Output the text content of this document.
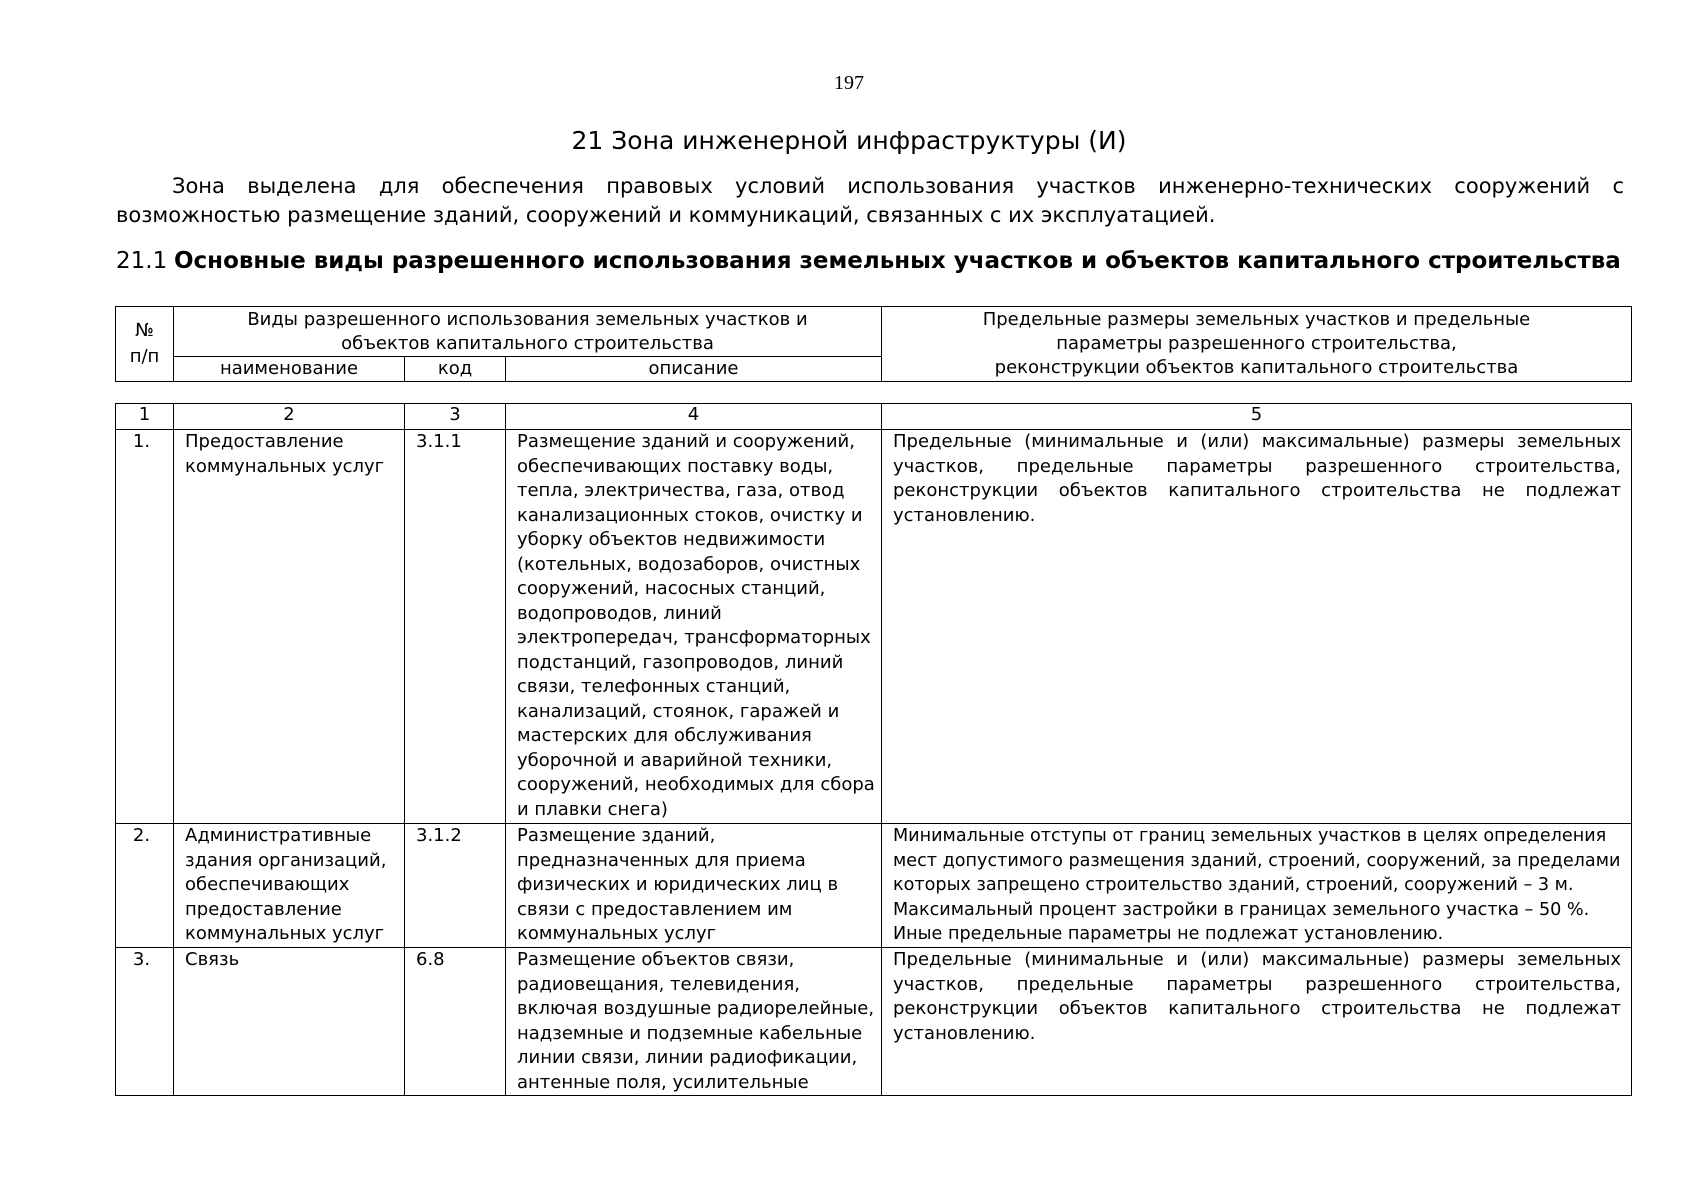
197
21 Зона инженерной инфраструктуры (И)

Зона выделена для обеспечения правовых условий использования участков инженерно-технических сооружений с возможностью размещение зданий, сооружений и коммуникаций, связанных с их эксплуатацией.

21.1 Основные виды разрешенного использования земельных участков и объектов капитального строительства
№ п/п	Виды разрешенного использования земельных участков и объектов капитального строительства			Предельные размеры земельных участков и предельные параметры разрешенного строительства, реконструкции объектов капитального строительства
	наименование	код	описание	
1	2	3	4	5
1.	Предоставление коммунальных услуг	3.1.1	Размещение зданий и сооружений, обеспечивающих поставку воды, тепла, электричества, газа, отвод канализационных стоков, очистку и уборку объектов недвижимости (котельных, водозаборов, очистных сооружений, насосных станций, водопроводов, линий электропередач, трансформаторных подстанций, газопроводов, линий связи, телефонных станций, канализаций, стоянок, гаражей и мастерских для обслуживания уборочной и аварийной техники, сооружений, необходимых для сбора и плавки снега)	Предельные (минимальные и (или) максимальные) размеры земельных участков, предельные параметры разрешенного строительства, реконструкции объектов капитального строительства не подлежат установлению.
2.	Административные здания организаций, обеспечивающих предоставление коммунальных услуг	3.1.2	Размещение зданий, предназначенных для приема физических и юридических лиц в связи с предоставлением им коммунальных услуг	Минимальные отступы от границ земельных участков в целях определения мест допустимого размещения зданий, строений, сооружений, за пределами которых запрещено строительство зданий, строений, сооружений – 3 м. Максимальный процент застройки в границах земельного участка – 50 %. Иные предельные параметры не подлежат установлению.
3.	Связь	6.8	Размещение объектов связи, радиовещания, телевидения, включая воздушные радиорелейные, надземные и подземные кабельные линии связи, линии радиофикации, антенные поля, усилительные	Предельные (минимальные и (или) максимальные) размеры земельных участков, предельные параметры разрешенного строительства, реконструкции объектов капитального строительства не подлежат установлению.
